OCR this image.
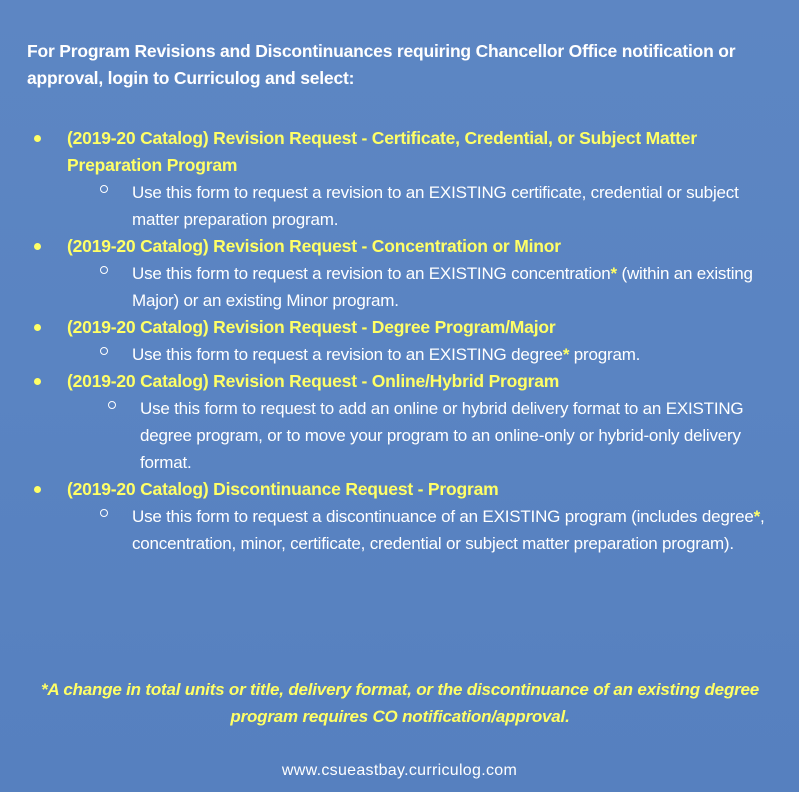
For Program Revisions and Discontinuances requiring Chancellor Office notification or approval, login to Curriculog and select:
(2019-20 Catalog) Revision Request - Certificate, Credential, or Subject Matter Preparation Program
Use this form to request a revision to an EXISTING certificate, credential or subject matter preparation program.
(2019-20 Catalog) Revision Request - Concentration or Minor
Use this form to request a revision to an EXISTING concentration* (within an existing Major) or an existing Minor program.
(2019-20 Catalog) Revision Request - Degree Program/Major
Use this form to request a revision to an EXISTING degree* program.
(2019-20 Catalog) Revision Request - Online/Hybrid Program
Use this form to request to add an online or hybrid delivery format to an EXISTING degree program, or to move your program to an online-only or hybrid-only delivery format.
(2019-20 Catalog) Discontinuance Request - Program
Use this form to request a discontinuance of an EXISTING program (includes degree*, concentration, minor, certificate, credential or subject matter preparation program).
*A change in total units or title, delivery format, or the discontinuance of an existing degree program requires CO notification/approval.
www.csueastbay.curriculog.com
